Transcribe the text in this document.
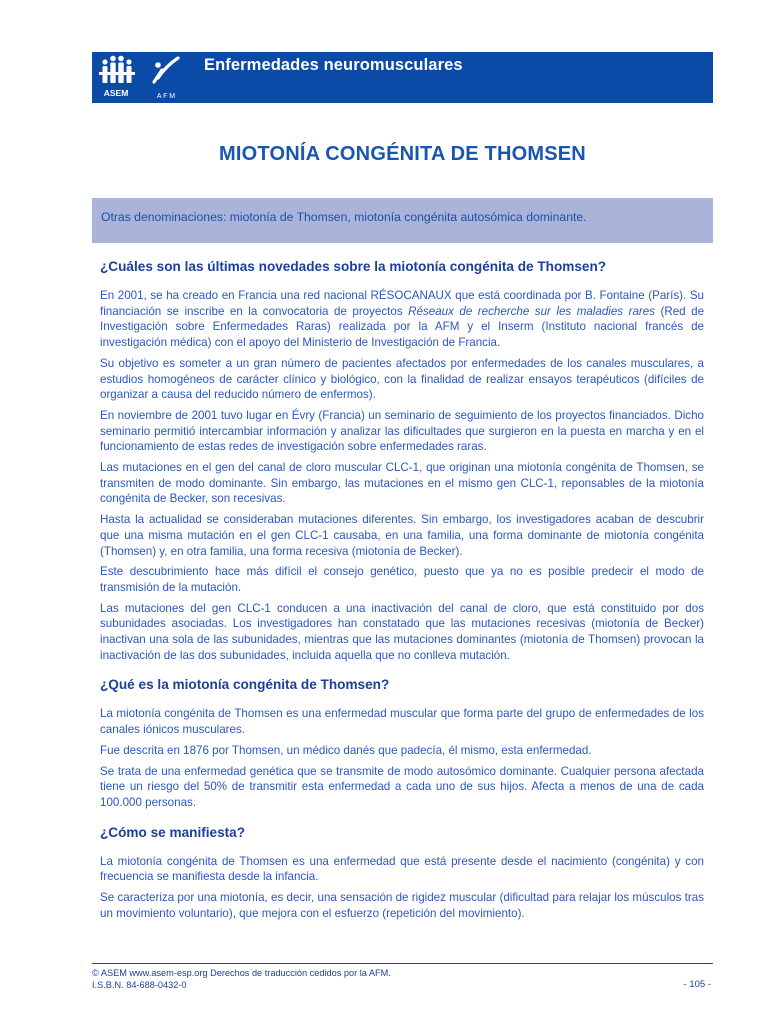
ASEM	A F M
Enfermedades neuromusculares
MIOTONÍA CONGÉNITA DE THOMSEN
Otras denominaciones: miotonía de Thomsen, miotonía congénita autosómica dominante.
¿Cuáles son las últimas novedades sobre la miotonía congénita de Thomsen?

En 2001, se ha creado en Francia una red nacional RÉSOCANAUX que está coordinada por B. Fontaine (París). Su financiación se inscribe en la convocatoria de proyectos Réseaux de recherche sur les maladies rares (Red de Investigación sobre Enfermedades Raras) realizada por la AFM y el Inserm (Instituto nacional francés de investigación médica) con el apoyo del Ministerio de Investigación de Francia.

Su objetivo es someter a un gran número de pacientes afectados por enfermedades de los canales musculares, a estudios homogéneos de carácter clínico y biológico, con la finalidad de realizar ensayos terapéuticos (difíciles de organizar a causa del reducido número de enfermos).

En noviembre de 2001 tuvo lugar en Évry (Francia) un seminario de seguimiento de los proyectos financiados. Dicho seminario permitió intercambiar información y analizar las dificultades que surgieron en la puesta en marcha y en el funcionamiento de estas redes de investigación sobre enfermedades raras.

Las mutaciones en el gen del canal de cloro muscular CLC-1, que originan una miotonía congénita de Thomsen, se transmiten de modo dominante. Sin embargo, las mutaciones en el mismo gen CLC-1, reponsables de la miotonía congénita de Becker, son recesivas.

Hasta la actualidad se consideraban mutaciones diferentes. Sin embargo, los investigadores acaban de descubrir que una misma mutación en el gen CLC-1 causaba, en una familia, una forma dominante de miotonía congénita (Thomsen) y, en otra familia, una forma recesiva (miotonía de Becker).

Este descubrimiento hace más difícil el consejo genético, puesto que ya no es posible predecir el modo de transmisión de la mutación.

Las mutaciones del gen CLC-1 conducen a una inactivación del canal de cloro, que está constituido por dos subunidades asociadas. Los investigadores han constatado que las mutaciones recesivas (miotonía de Becker) inactivan una sola de las subunidades, mientras que las mutaciones dominantes (miotonía de Thomsen) provocan la inactivación de las dos subunidades, incluida aquella que no conlleva mutación.

¿Qué es la miotonía congénita de Thomsen?

La miotonía congénita de Thomsen es una enfermedad muscular que forma parte del grupo de enfermedades de los canales iónicos musculares.

Fue descrita en 1876 por Thomsen, un médico danés que padecía, él mismo, esta enfermedad.

Se trata de una enfermedad genética que se transmite de modo autosómico dominante. Cualquier persona afectada tiene un riesgo del 50% de transmitir esta enfermedad a cada uno de sus hijos. Afecta a menos de una de cada 100.000 personas.

¿Cómo se manifiesta?

La miotonía congénita de Thomsen es una enfermedad que está presente desde el nacimiento (congénita) y con frecuencia se manifiesta desde la infancia.

Se caracteriza por una miotonía, es decir, una sensación de rigidez muscular (dificultad para relajar los músculos tras un movimiento voluntario), que mejora con el esfuerzo (repetición del movimiento).

© ASEM www.asem-esp.org Derechos de traducción cedidos por la AFM.
I.S.B.N. 84-688-0432-0	- 105 -
